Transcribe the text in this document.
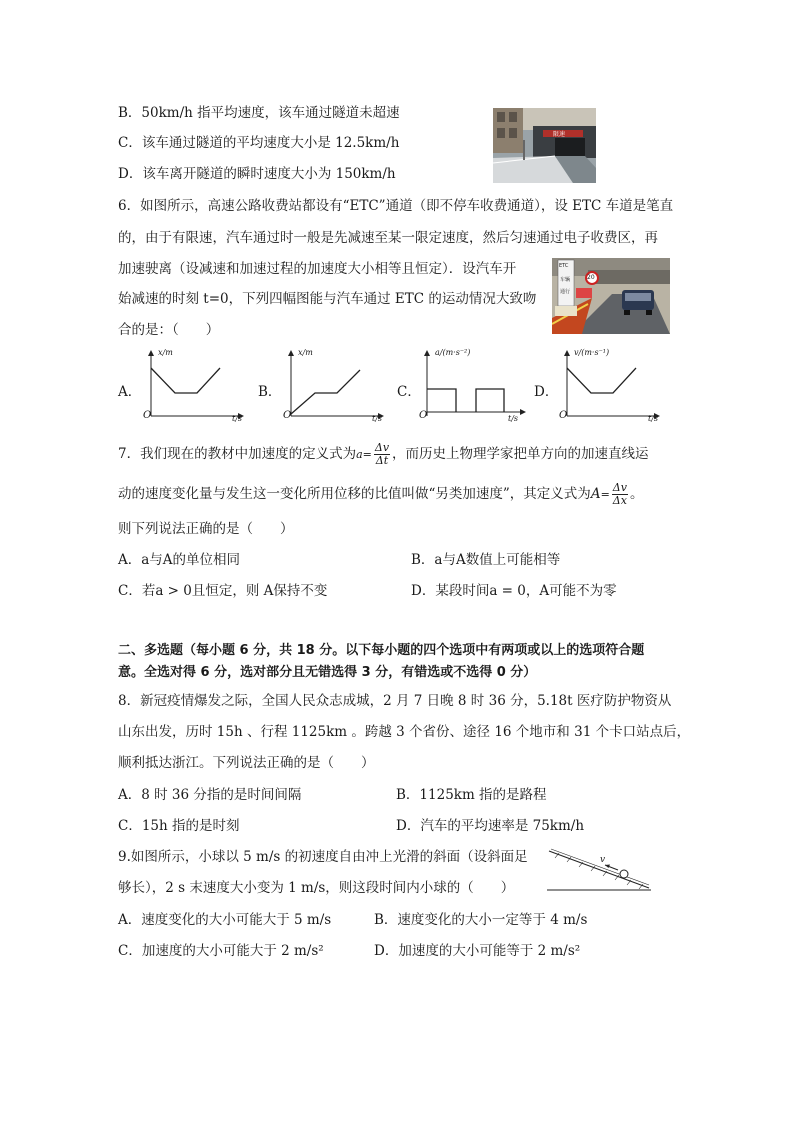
B．50km/h 指平均速度，该车通过隧道未超速
C．该车通过隧道的平均速度大小是 12.5km/h
D．该车离开隧道的瞬时速度大小为 150km/h
限速
6．如图所示，高速公路收费站都设有“ETC”通道（即不停车收费通道），设 ETC 车道是笔直
的，由于有限速，汽车通过时一般是先减速至某一限定速度，然后匀速通过电子收费区，再
加速驶离（设减速和加速过程的加速度大小相等且恒定）．设汽车开
始减速的时刻 t=0，下列四幅图能与汽车通过 ETC 的运动情况大致吻
合的是：（　　）
ETC
车辆
通行
20
A．
x/m
t/s
O
B．
x/m
t/s
O
C．
a/(m·s⁻²)
t/s
O
D．
v/(m·s⁻¹)
t/s
O
7．我们现在的教材中加速度的定义式为$a= \frac{\Delta v}{\Delta t}$ ，而历史上物理学家把单方向的加速直线运
动的速度变化量与发生这一变化所用位移的比值叫做“另类加速度”，其定义式为$A= \frac{\Delta v}{\Delta x}$ 。
则下列说法正确的是（　　）
A．a与A的单位相同	B．a与A数值上可能相等
C．若a > 0且恒定，则 A保持不变	D．某段时间a = 0，A可能不为零
二、多选题（每小题 6 分，共 18 分。以下每小题的四个选项中有两项或以上的选项符合题
意。全选对得 6 分，选对部分且无错选得 3 分，有错选或不选得 0 分）
8．新冠疫情爆发之际，全国人民众志成城，2 月 7 日晚 8 时 36 分，5.18t 医疗防护物资从
山东出发，历时 15h 、行程 1125km 。跨越 3 个省份、途径 16 个地市和 31 个卡口站点后，
顺利抵达浙江。下列说法正确的是（　　）
A．8 时 36 分指的是时间间隔	B．1125km 指的是路程
C．15h 指的是时刻	D．汽车的平均速率是 75km/h
9.如图所示，小球以 5 m/s 的初速度自由冲上光滑的斜面（设斜面足
够长），2 s 末速度大小变为 1 m/s，则这段时间内小球的（　　）
v
A．速度变化的大小可能大于 5 m/s	B．速度变化的大小一定等于 4 m/s
C．加速度的大小可能大于 2 m/s²	D．加速度的大小可能等于 2 m/s²
